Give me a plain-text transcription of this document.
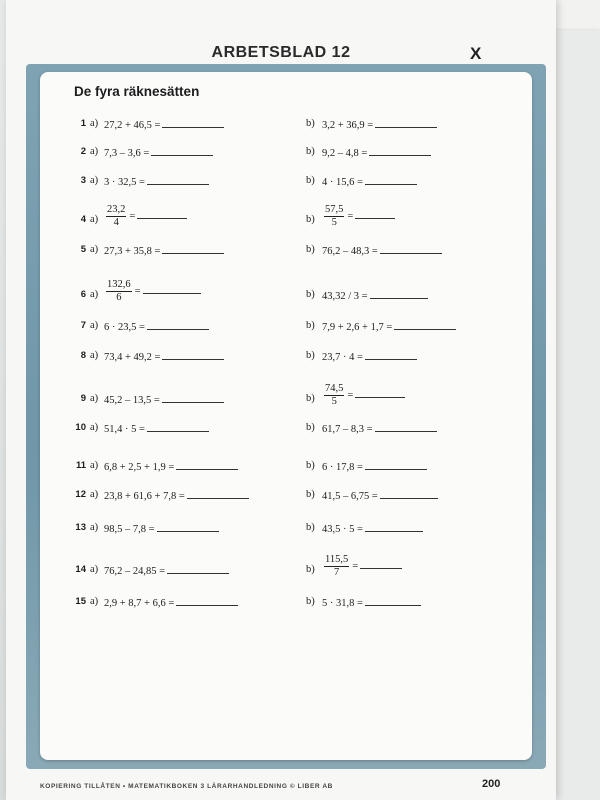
ARBETSBLAD 12	X
De fyra räknesätten
1 a) 27,2 + 46,5 =	b) 3,2 + 36,9 =
2 a) 7,3 – 3,6 =	b) 9,2 – 4,8 =
3 a) 3 · 32,5 =	b) 4 · 15,6 =
4 $a) \frac{23,2}{4}$ =	$b) \frac{57,5}{5}$ =
5 a) 27,3 + 35,8 =	b) 76,2 – 48,3 =
6 $a) \frac{132,6}{6}$ =	b) 43,32 / 3 =
7 a) 6 · 23,5 =	b) 7,9 + 2,6 + 1,7 =
8 a) 73,4 + 49,2 =	b) 23,7 · 4 =
9 a) 45,2 – 13,5 =	$b) \frac{74,5}{5}$ =
10 a) 51,4 · 5 =	b) 61,7 – 8,3 =
11 a) 6,8 + 2,5 + 1,9 =	b) 6 · 17,8 =
12 a) 23,8 + 61,6 + 7,8 =	b) 41,5 – 6,75 =
13 a) 98,5 – 7,8 =	b) 43,5 · 5 =
14 a) 76,2 – 24,85 =	$b) \frac{115,5}{7}$ =
15 a) 2,9 + 8,7 + 6,6 =	b) 5 · 31,8 =
KOPIERING TILLÅTEN • MATEMATIKBOKEN 3 LÄRARHANDLEDNING © LIBER AB	200
